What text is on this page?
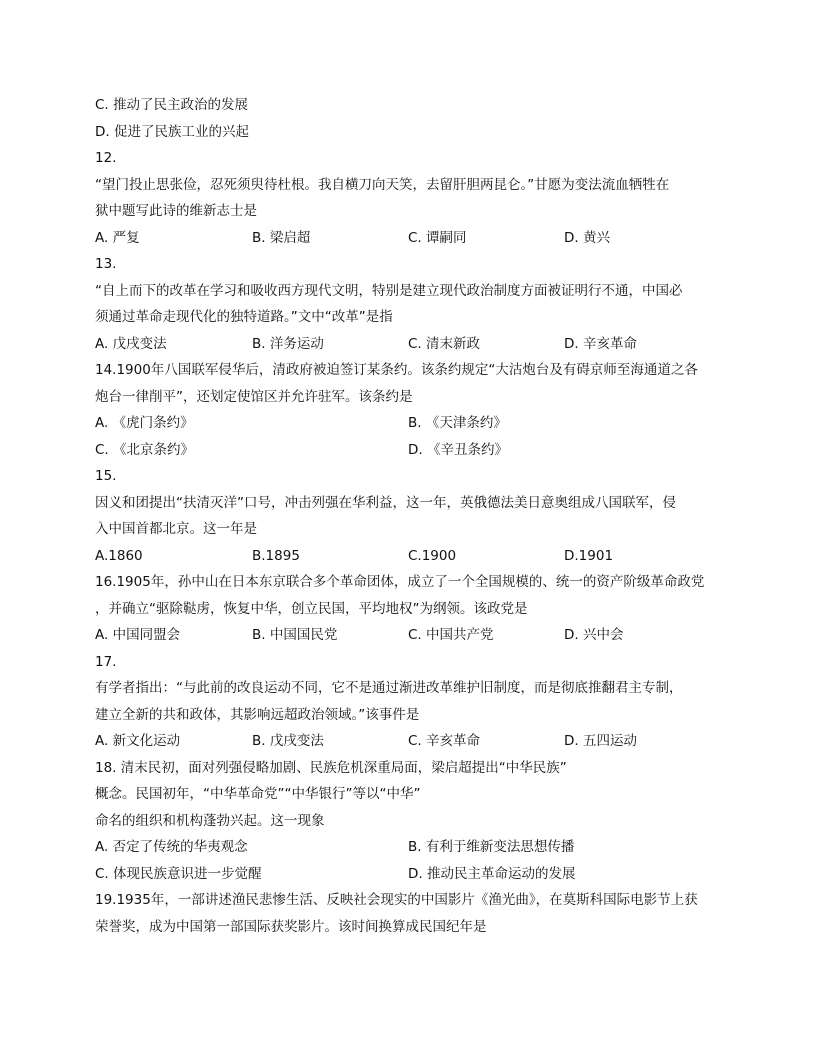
C. 推动了民主政治的发展
D. 促进了民族工业的兴起
12.
“望门投止思张俭，忍死须臾待杜根。我自横刀向天笑，去留肝胆两昆仑。”甘愿为变法流血牺牲在
狱中题写此诗的维新志士是
A. 严复	B. 梁启超	C. 谭嗣同	D. 黄兴
13.
“自上而下的改革在学习和吸收西方现代文明，特别是建立现代政治制度方面被证明行不通，中国必
须通过革命走现代化的独特道路。”文中“改革”是指
A. 戊戌变法	B. 洋务运动	C. 清末新政	D. 辛亥革命
14.1900年八国联军侵华后，清政府被迫签订某条约。该条约规定“大沽炮台及有碍京师至海通道之各
炮台一律削平”，还划定使馆区并允许驻军。该条约是
A. 《虎门条约》	B. 《天津条约》
C. 《北京条约》	D. 《辛丑条约》
15.
因义和团提出“扶清灭洋”口号，冲击列强在华利益，这一年，英俄德法美日意奥组成八国联军，侵
入中国首都北京。这一年是
A.1860	B.1895	C.1900	D.1901
16.1905年，孙中山在日本东京联合多个革命团体，成立了一个全国规模的、统一的资产阶级革命政党
，并确立“驱除鞑虏，恢复中华，创立民国，平均地权”为纲领。该政党是
A. 中国同盟会	B. 中国国民党	C. 中国共产党	D. 兴中会
17.
有学者指出：“与此前的改良运动不同，它不是通过渐进改革维护旧制度，而是彻底推翻君主专制，
建立全新的共和政体，其影响远超政治领域。”该事件是
A. 新文化运动	B. 戊戌变法	C. 辛亥革命	D. 五四运动
18. 清末民初，面对列强侵略加剧、民族危机深重局面，梁启超提出“中华民族”
概念。民国初年，“中华革命党”“中华银行”等以“中华”
命名的组织和机构蓬勃兴起。这一现象
A. 否定了传统的华夷观念	B. 有利于维新变法思想传播
C. 体现民族意识进一步觉醒	D. 推动民主革命运动的发展
19.1935年，一部讲述渔民悲惨生活、反映社会现实的中国影片《渔光曲》，在莫斯科国际电影节上获
荣誉奖，成为中国第一部国际获奖影片。该时间换算成民国纪年是
